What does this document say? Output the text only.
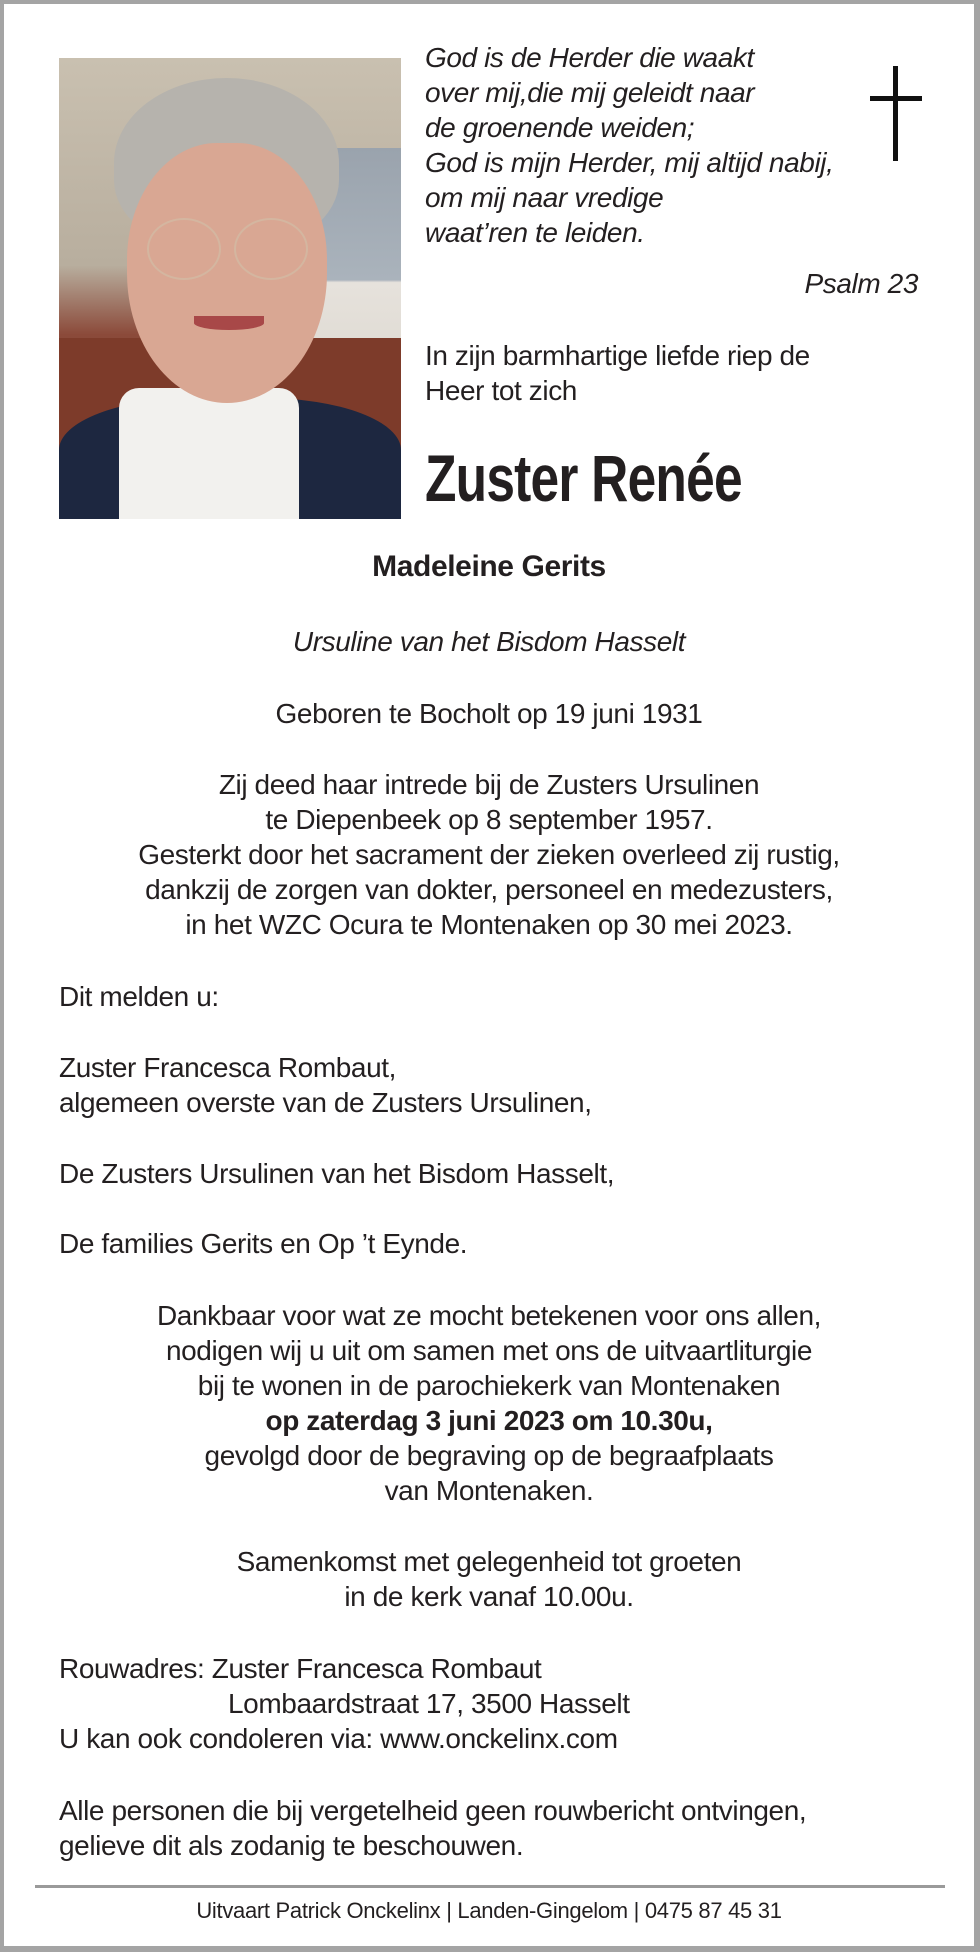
God is de Herder die waakt
over mij,die mij geleidt naar
de groenende weiden;
God is mijn Herder, mij altijd nabij,
om mij naar vredige
waat’ren te leiden.
Psalm 23
In zijn barmhartige liefde riep de
Heer tot zich
Zuster Renée
Madeleine Gerits
Ursuline van het Bisdom Hasselt
Geboren te Bocholt op 19 juni 1931
Zij deed haar intrede bij de Zusters Ursulinen
te Diepenbeek op 8 september 1957.
Gesterkt door het sacrament der zieken overleed zij rustig,
dankzij de zorgen van dokter, personeel en medezusters,
in het WZC Ocura te Montenaken op 30 mei 2023.
Dit melden u:
Zuster Francesca Rombaut,
algemeen overste van de Zusters Ursulinen,
De Zusters Ursulinen van het Bisdom Hasselt,
De families Gerits en Op ’t Eynde.
Dankbaar voor wat ze mocht betekenen voor ons allen,
nodigen wij u uit om samen met ons de uitvaartliturgie
bij te wonen in de parochiekerk van Montenaken
op zaterdag 3 juni 2023 om 10.30u,
gevolgd door de begraving op de begraafplaats
van Montenaken.
Samenkomst met gelegenheid tot groeten
in de kerk vanaf 10.00u.
Rouwadres: Zuster Francesca Rombaut
Lombaardstraat 17, 3500 Hasselt
U kan ook condoleren via: www.onckelinx.com
Alle personen die bij vergetelheid geen rouwbericht ontvingen,
gelieve dit als zodanig te beschouwen.
Uitvaart Patrick Onckelinx | Landen-Gingelom | 0475 87 45 31
